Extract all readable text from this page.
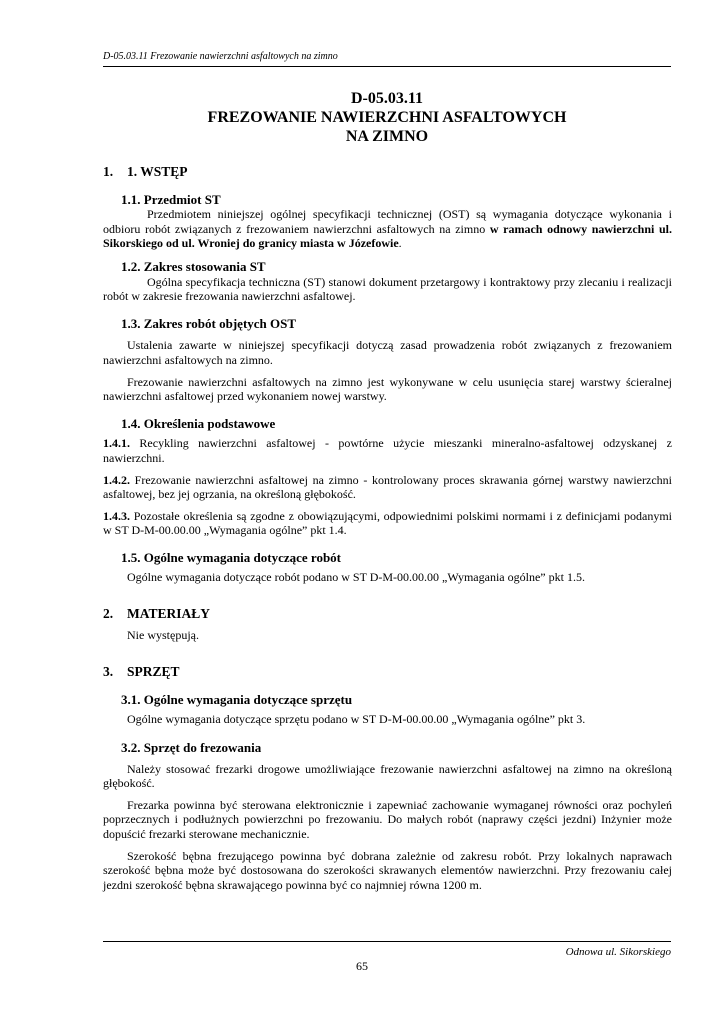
D-05.03.11 Frezowanie nawierzchni asfaltowych na zimno
D-05.03.11
FREZOWANIE NAWIERZCHNI ASFALTOWYCH
NA ZIMNO
1. 1. WSTĘP
1.1. Przedmiot ST

Przedmiotem niniejszej ogólnej specyfikacji technicznej (OST) są wymagania dotyczące wykonania i odbioru robót związanych z frezowaniem nawierzchni asfaltowych na zimno w ramach odnowy nawierzchni ul. Sikorskiego od ul. Wroniej do granicy miasta w Józefowie.

1.2. Zakres stosowania ST

Ogólna specyfikacja techniczna (ST) stanowi dokument przetargowy i kontraktowy przy zlecaniu i realizacji robót w zakresie frezowania nawierzchni asfaltowej.

1.3. Zakres robót objętych OST

Ustalenia zawarte w niniejszej specyfikacji dotyczą zasad prowadzenia robót związanych z frezowaniem nawierzchni asfaltowych na zimno.

Frezowanie nawierzchni asfaltowych na zimno jest wykonywane w celu usunięcia starej warstwy ścieralnej nawierzchni asfaltowej przed wykonaniem nowej warstwy.

1.4. Określenia podstawowe

1.4.1. Recykling nawierzchni asfaltowej - powtórne użycie mieszanki mineralno-asfaltowej odzyskanej z nawierzchni.

1.4.2. Frezowanie nawierzchni asfaltowej na zimno - kontrolowany proces skrawania górnej warstwy nawierzchni asfaltowej, bez jej ogrzania, na określoną głębokość.

1.4.3. Pozostałe określenia są zgodne z obowiązującymi, odpowiednimi polskimi normami i z definicjami podanymi w ST D-M-00.00.00 „Wymagania ogólne” pkt 1.4.

1.5. Ogólne wymagania dotyczące robót

Ogólne wymagania dotyczące robót podano w ST D-M-00.00.00 „Wymagania ogólne” pkt 1.5.

2. MATERIAŁY

Nie występują.

3. SPRZĘT
3.1. Ogólne wymagania dotyczące sprzętu

Ogólne wymagania dotyczące sprzętu podano w ST D-M-00.00.00 „Wymagania ogólne” pkt 3.

3.2. Sprzęt do frezowania

Należy stosować frezarki drogowe umożliwiające frezowanie nawierzchni asfaltowej na zimno na określoną głębokość.

Frezarka powinna być sterowana elektronicznie i zapewniać zachowanie wymaganej równości oraz pochyleń poprzecznych i podłużnych powierzchni po frezowaniu. Do małych robót (naprawy części jezdni) Inżynier może dopuścić frezarki sterowane mechanicznie.

Szerokość bębna frezującego powinna być dobrana zależnie od zakresu robót. Przy lokalnych naprawach szerokość bębna może być dostosowana do szerokości skrawanych elementów nawierzchni. Przy frezowaniu całej jezdni szerokość bębna skrawającego powinna być co najmniej równa 1200 m.

Odnowa ul. Sikorskiego
65
